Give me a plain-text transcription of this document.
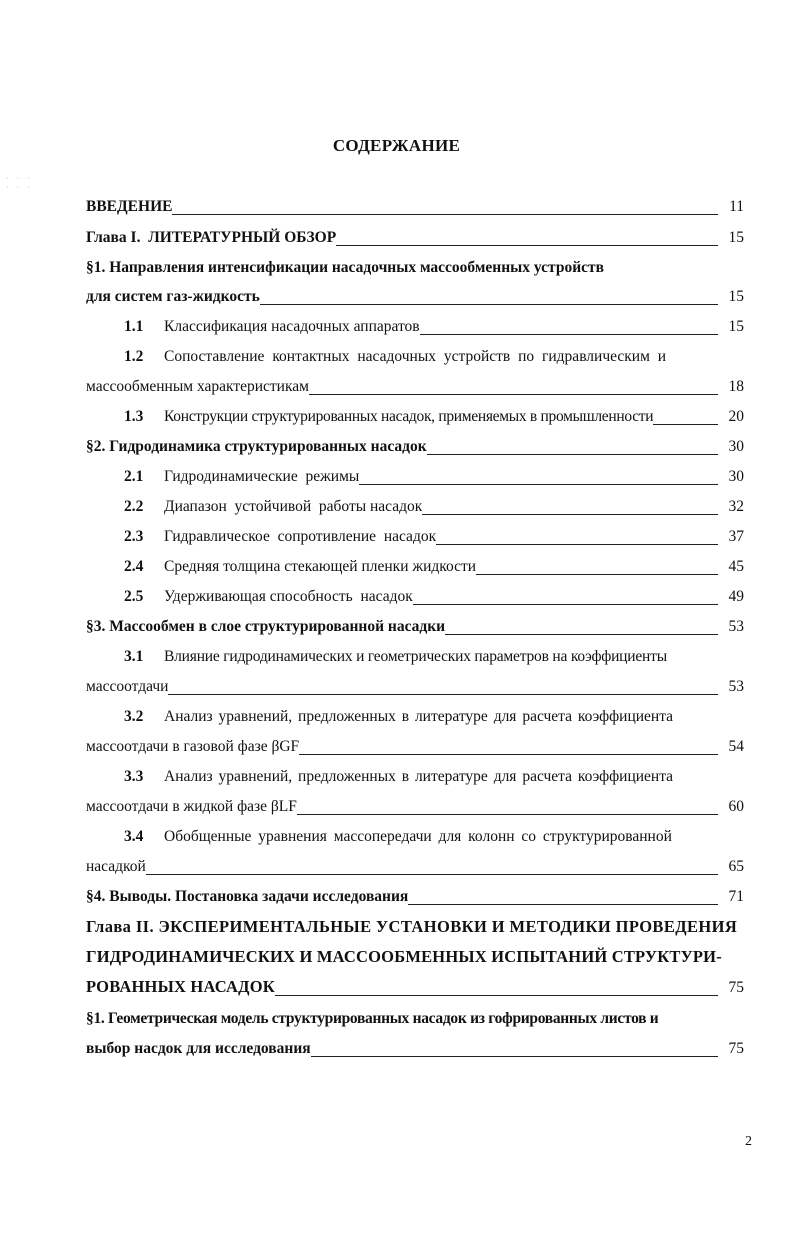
· · ·
· · ·
СОДЕРЖАНИЕ
ВВЕДЕНИЕ	11
Глава I.  ЛИТЕРАТУРНЫЙ ОБЗОР	15
§1. Направления интенсификации насадочных массообменных устройств
для систем газ-жидкость	15
1.1	Классификация насадочных аппаратов	15
1.2	Сопоставление контактных насадочных устройств по гидравлическим и
массообменным характеристикам	18
1.3	Конструкции структурированных насадок, применяемых в промышленности	20
§2. Гидродинамика структурированных насадок	30
2.1	Гидродинамические  режимы	30
2.2	Диапазон  устойчивой  работы насадок	32
2.3	Гидравлическое  сопротивление  насадок	37
2.4	Средняя толщина стекающей пленки жидкости	45
2.5	Удерживающая способность  насадок	49
§3. Массообмен в слое структурированной насадки	53
3.1	Влияние гидродинамических и геометрических параметров на коэффициенты
массоотдачи	53
3.2	Анализ уравнений, предложенных в литературе для расчета коэффициента
массоотдачи в газовой фазе βGF	54
3.3	Анализ уравнений, предложенных в литературе для расчета коэффициента
массоотдачи в жидкой фазе βLF	60
3.4	Обобщенные уравнения массопередачи для колонн со структурированной
насадкой	65
§4. Выводы. Постановка задачи исследования	71
Глава II. ЭКСПЕРИМЕНТАЛЬНЫЕ УСТАНОВКИ И МЕТОДИКИ ПРОВЕДЕНИЯ
ГИДРОДИНАМИЧЕСКИХ И МАССООБМЕННЫХ ИСПЫТАНИЙ СТРУКТУРИ-
РОВАННЫХ НАСАДОК	75
§1. Геометрическая модель структурированных насадок из гофрированных листов и
выбор насдок для исследования	75
2
